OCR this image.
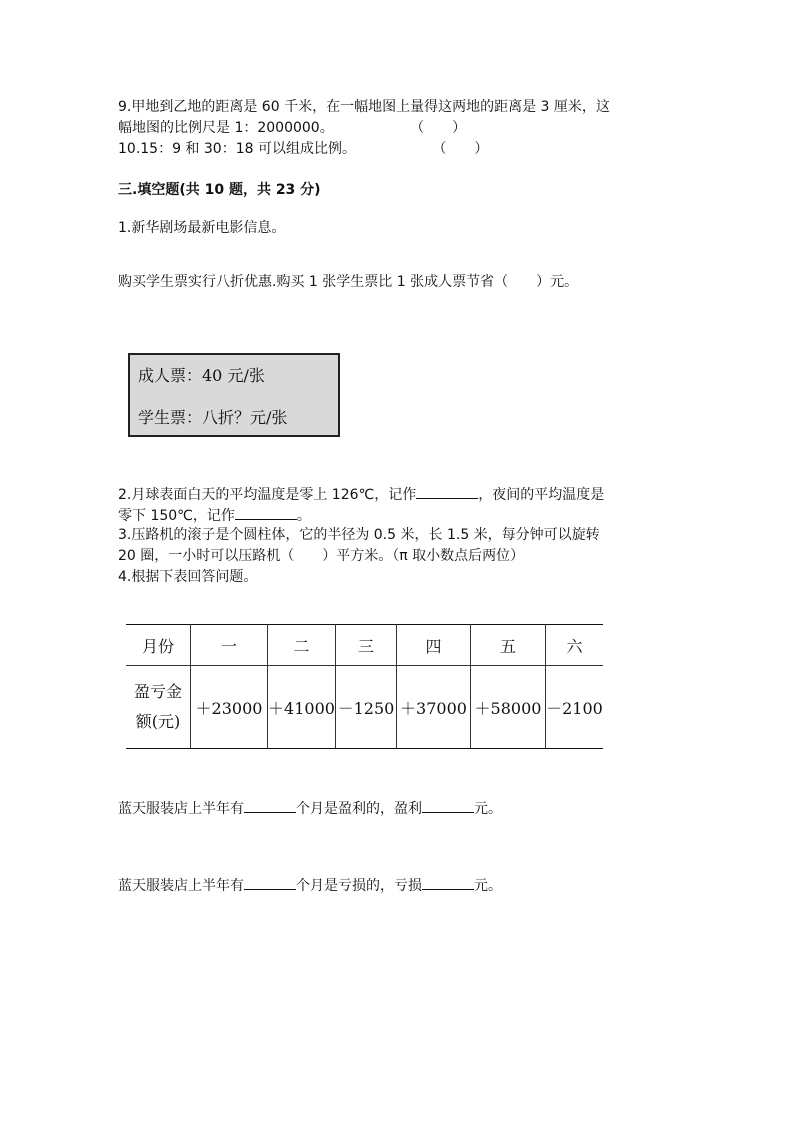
9.甲地到乙地的距离是 60 千米，在一幅地图上量得这两地的距离是 3 厘米，这
幅地图的比例尺是 1：2000000。	（　　）
10.15：9 和 30：18 可以组成比例。	（　　）
三.填空题(共 10 题，共 23 分)
1.新华剧场最新电影信息。
购买学生票实行八折优惠.购买 1 张学生票比 1 张成人票节省（　　）元。
成人票：40 元/张
学生票：八折？元/张
2.月球表面白天的平均温度是零上 126℃，记作	，夜间的平均温度是
零下 150℃，记作	。
3.压路机的滚子是个圆柱体，它的半径为 0.5 米，长 1.5 米，每分钟可以旋转
20 圈，一小时可以压路机（　　）平方米。（π 取小数点后两位）
4.根据下表回答问题。
月份	一	二	三	四	五	六

盈亏金
额(元)	＋23000	＋41000	－1250	＋37000	＋58000	－2100
蓝天服装店上半年有	个月是盈利的，盈利	元。
蓝天服装店上半年有	个月是亏损的，亏损	元。
